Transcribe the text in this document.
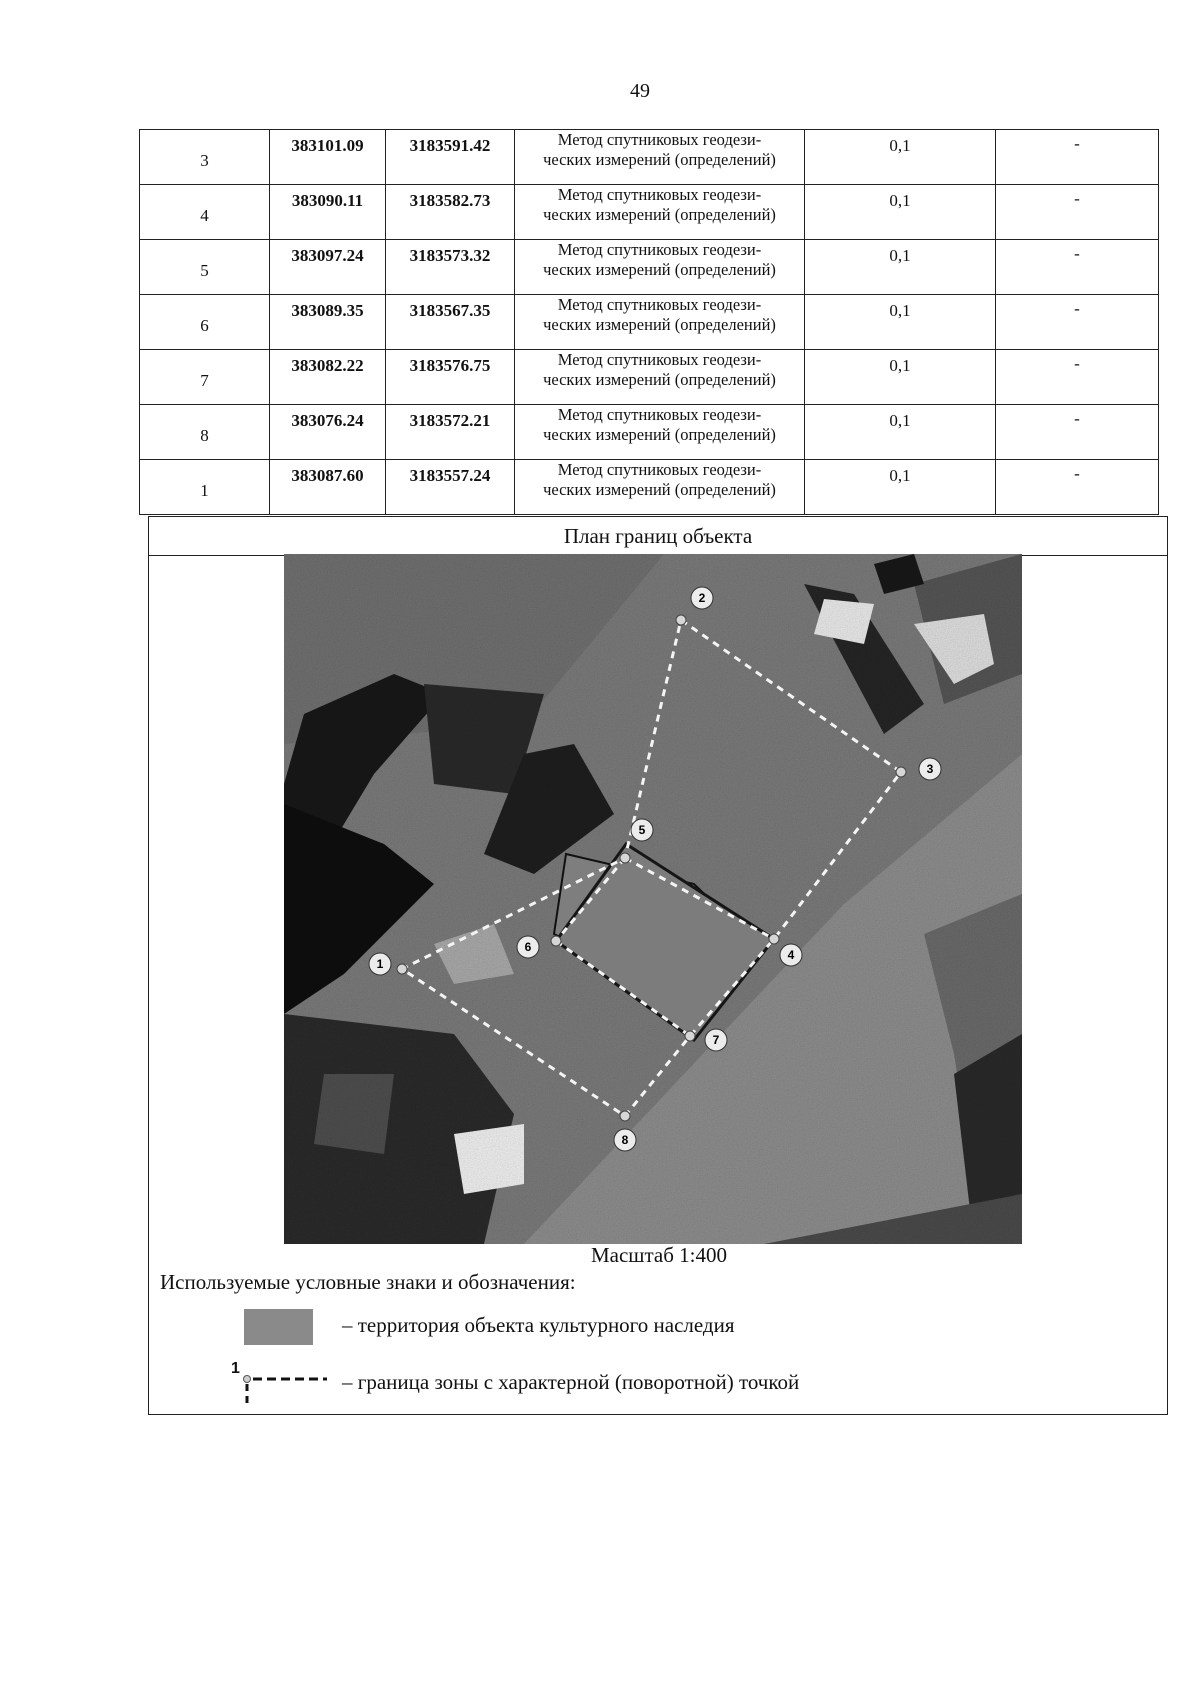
49
3	383101.09	3183591.42	Метод спутниковых геодези-
ческих измерений (определений)	0,1	-
4	383090.11	3183582.73	Метод спутниковых геодези-
ческих измерений (определений)	0,1	-
5	383097.24	3183573.32	Метод спутниковых геодези-
ческих измерений (определений)	0,1	-
6	383089.35	3183567.35	Метод спутниковых геодези-
ческих измерений (определений)	0,1	-
7	383082.22	3183576.75	Метод спутниковых геодези-
ческих измерений (определений)	0,1	-
8	383076.24	3183572.21	Метод спутниковых геодези-
ческих измерений (определений)	0,1	-
1	383087.60	3183557.24	Метод спутниковых геодези-
ческих измерений (определений)	0,1	-
План границ объекта
1
2
3
4
5
6
7
8
Масштаб 1:400
Используемые условные знаки и обозначения:
– территория объекта культурного наследия
1
– граница зоны с характерной (поворотной) точкой
